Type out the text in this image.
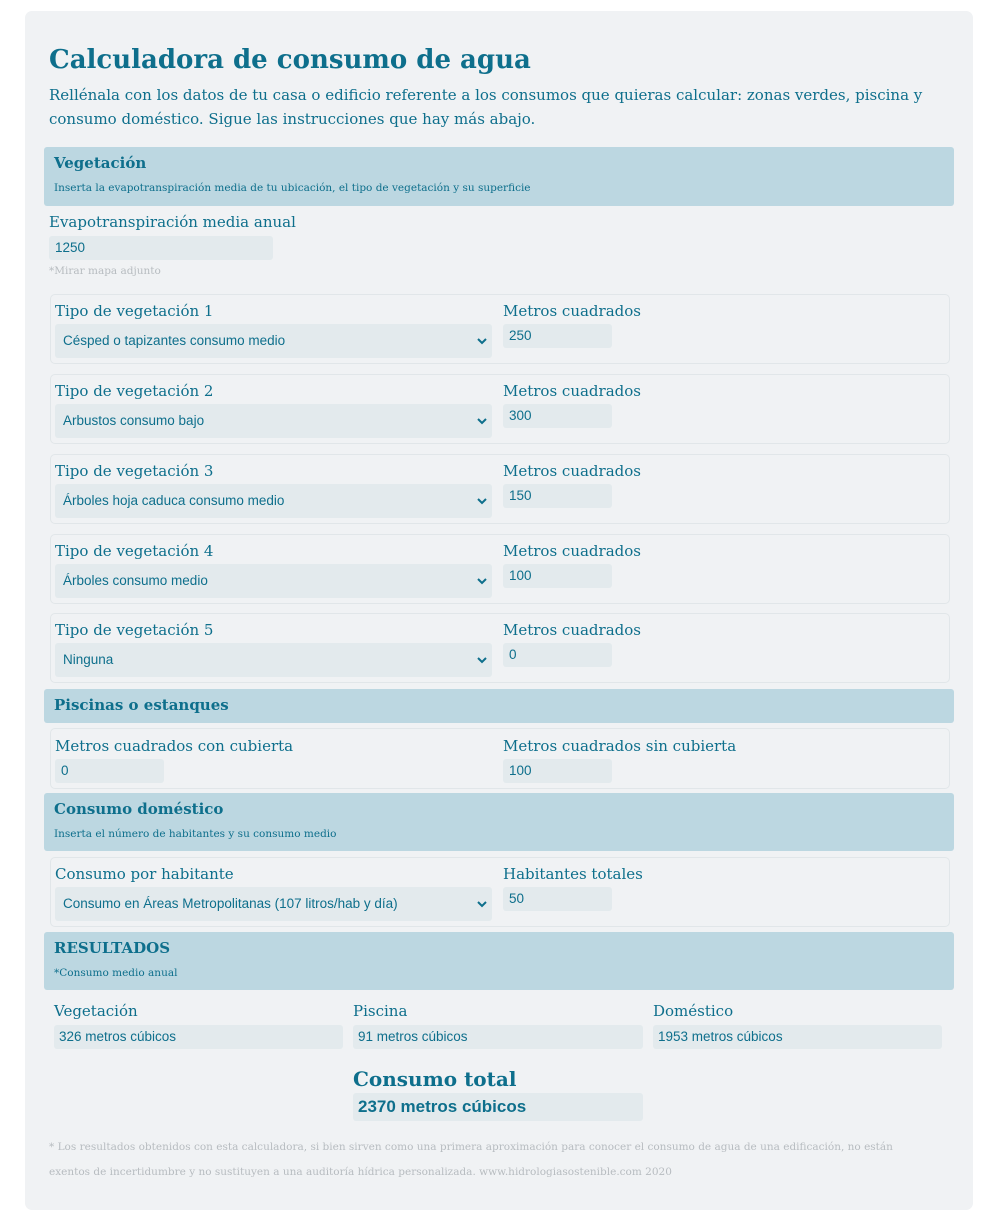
Calculadora de consumo de agua

Rellénala con los datos de tu casa o edificio referente a los consumos que quieras calcular: zonas verdes, piscina y consumo doméstico. Sigue las instrucciones que hay más abajo.

Vegetación
Inserta la evapotranspiración media de tu ubicación, el tipo de vegetación y su superficie
Evapotranspiración media anual
1250
*Mirar mapa adjunto
Tipo de vegetación 1
Césped o tapizantes consumo medio
Metros cuadrados
250
Tipo de vegetación 2
Arbustos consumo bajo
Metros cuadrados
300
Tipo de vegetación 3
Árboles hoja caduca consumo medio
Metros cuadrados
150
Tipo de vegetación 4
Árboles consumo medio
Metros cuadrados
100
Tipo de vegetación 5
Ninguna
Metros cuadrados
0
Piscinas o estanques
Metros cuadrados con cubierta
0
Metros cuadrados sin cubierta
100
Consumo doméstico
Inserta el número de habitantes y su consumo medio
Consumo por habitante
Consumo en Áreas Metropolitanas (107 litros/hab y día)
Habitantes totales
50
RESULTADOS
*Consumo medio anual
Vegetación
326 metros cúbicos
Piscina
91 metros cúbicos
Doméstico
1953 metros cúbicos
Consumo total
2370 metros cúbicos

* Los resultados obtenidos con esta calculadora, si bien sirven como una primera aproximación para conocer el consumo de agua de una edificación, no están exentos de incertidumbre y no sustituyen a una auditoría hídrica personalizada. www.hidrologiasostenible.com 2020
